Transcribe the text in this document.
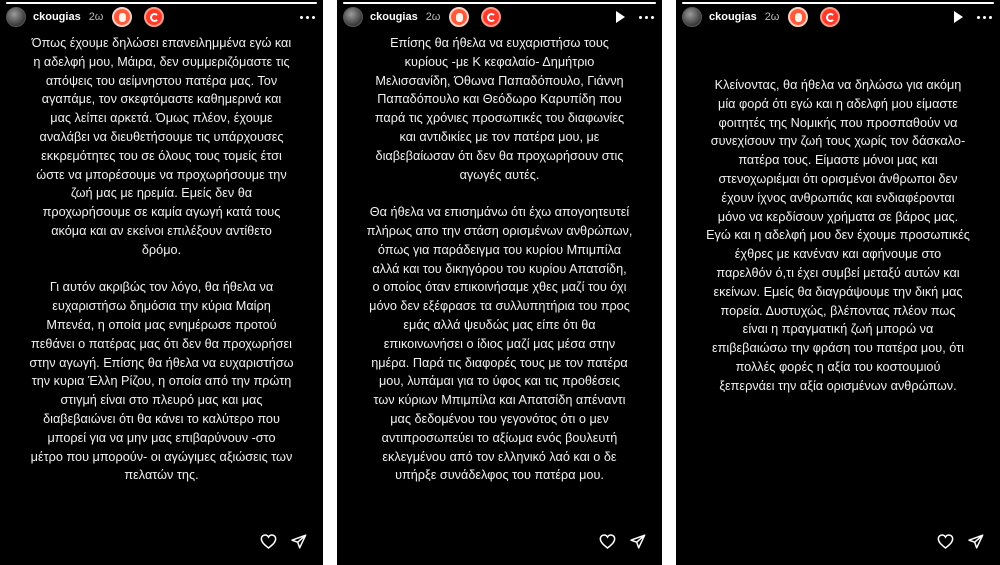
ckougias 2ω

Όπως έχουμε δηλώσει επανειλημμένα εγώ και
η αδελφή μου, Μάιρα, δεν συμμεριζόμαστε τις
απόψεις του αείμνηστου πατέρα μας. Τον
αγαπάμε, τον σκεφτόμαστε καθημερινά και
μας λείπει αρκετά. Όμως πλέον, έχουμε
αναλάβει να διευθετήσουμε τις υπάρχουσες
εκκρεμότητες του σε όλους τους τομείς έτσι
ώστε να μπορέσουμε να προχωρήσουμε την
ζωή μας με ηρεμία. Εμείς δεν θα
προχωρήσουμε σε καμία αγωγή κατά τους
ακόμα και αν εκείνοι επιλέξουν αντίθετο
δρόμο.

Γι αυτόν ακριβώς τον λόγο, θα ήθελα να
ευχαριστήσω δημόσια την κύρια Μαίρη
Μπενέα, η οποία μας ενημέρωσε προτού
πεθάνει ο πατέρας μας ότι δεν θα προχωρήσει
στην αγωγή. Επίσης θα ήθελα να ευχαριστήσω
την κυρια Έλλη Ρίζου, η οποία από την πρώτη
στιγμή είναι στο πλευρό μας και μας
διαβεβαιώνει ότι θα κάνει το καλύτερο που
μπορεί για να μην μας επιβαρύνουν -στο
μέτρο που μπορούν- οι αγώγιμες αξιώσεις των
πελατών της.

ckougias 2ω

Επίσης θα ήθελα να ευχαριστήσω τους
κυρίους -με Κ κεφαλαίο- Δημήτριο
Μελισσανίδη, Όθωνα Παπαδόπουλο, Γιάννη
Παπαδόπουλο και Θεόδωρο Καρυπίδη που
παρά τις χρόνιες προσωπικές του διαφωνίες
και αντιδικίες με τον πατέρα μου, με
διαβεβαίωσαν ότι δεν θα προχωρήσουν στις
αγωγές αυτές.

Θα ήθελα να επισημάνω ότι έχω απογοητευτεί
πλήρως απο την στάση ορισμένων ανθρώπων,
όπως για παράδειγμα του κυρίου Μπιμπίλα
αλλά και του δικηγόρου του κυρίου Απατσίδη,
ο οποίος όταν επικοινήσαμε χθες μαζί του όχι
μόνο δεν εξέφρασε τα συλλυπητήρια του προς
εμάς αλλά ψευδώς μας είπε ότι θα
επικοινωνήσει ο ίδιος μαζί μας μέσα στην
ημέρα. Παρά τις διαφορές τους με τον πατέρα
μου, λυπάμαι για το ύφος και τις προθέσεις
των κύριων Μπιμπίλα και Απατσίδη απέναντι
μας δεδομένου του γεγονότος ότι ο μεν
αντιπροσωπεύει το αξίωμα ενός βουλευτή
εκλεγμένου από τον ελληνικό λαό και ο δε
υπήρξε συνάδελφος του πατέρα μου.

ckougias 2ω

Κλείνοντας, θα ήθελα να δηλώσω για ακόμη
μία φορά ότι εγώ και η αδελφή μου είμαστε
φοιτητές της Νομικής που προσπαθούν να
συνεχίσουν την ζωή τους χωρίς τον δάσκαλο-
πατέρα τους. Είμαστε μόνοι μας και
στενοχωριέμαι ότι ορισμένοι άνθρωποι δεν
έχουν ίχνος ανθρωπιάς και ενδιαφέρονται
μόνο να κερδίσουν χρήματα σε βάρος μας.
Εγώ και η αδελφή μου δεν έχουμε προσωπικές
έχθρες με κανέναν και αφήνουμε στο
παρελθόν ό,τι έχει συμβεί μεταξύ αυτών και
εκείνων. Εμείς θα διαγράψουμε την δική μας
πορεία. Δυστυχώς, βλέποντας πλέον πως
είναι η πραγματική ζωή μπορώ να
επιβεβαιώσω την φράση του πατέρα μου, ότι
πολλές φορές η αξία του κοστουμιού
ξεπερνάει την αξία ορισμένων ανθρώπων.
